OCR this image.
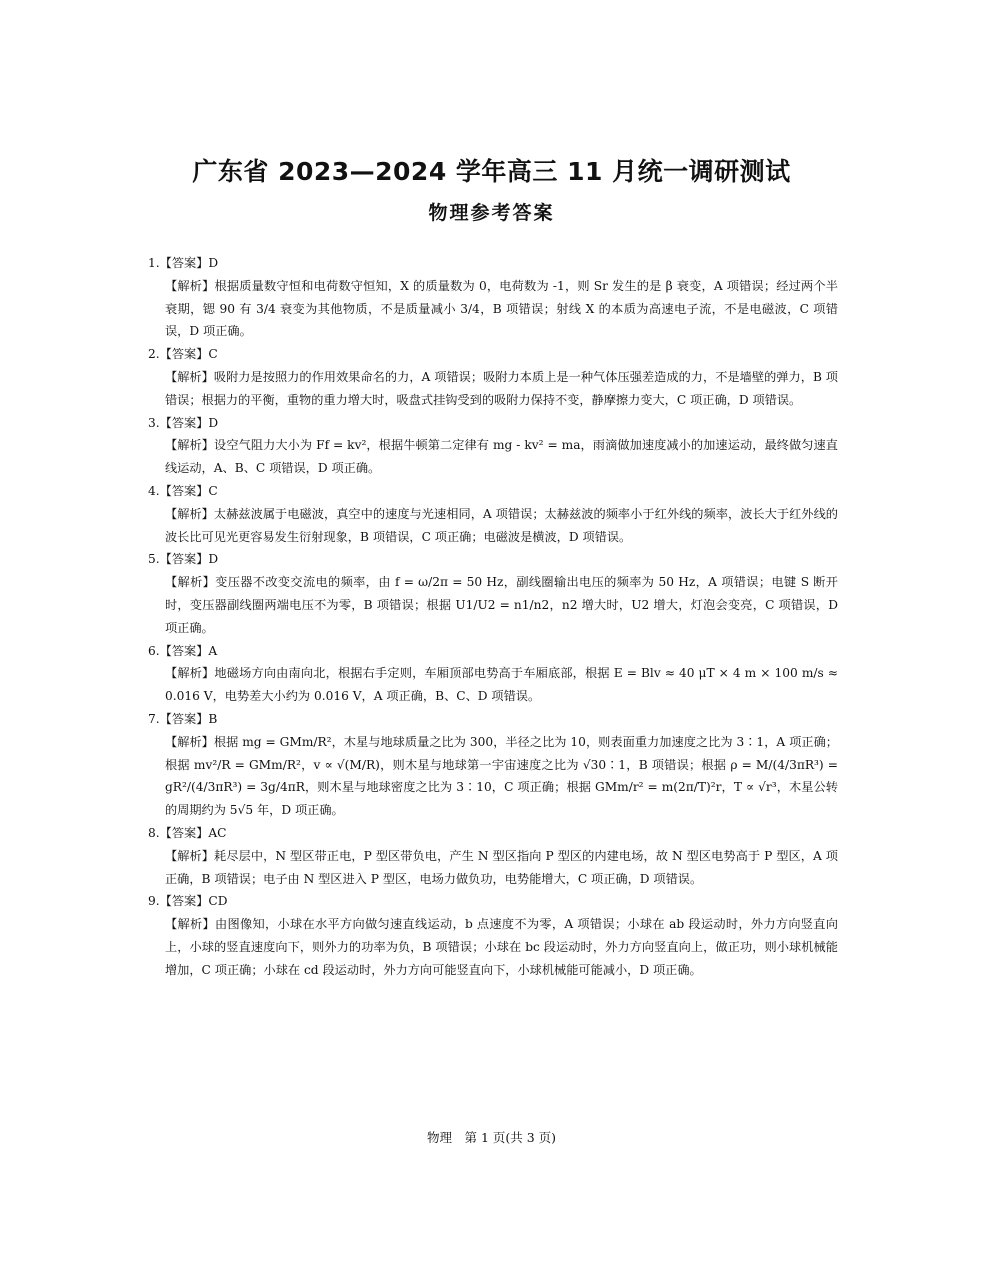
广东省 2023—2024 学年高三 11 月统一调研测试
物理参考答案

1.【答案】D

【解析】根据质量数守恒和电荷数守恒知，X 的质量数为 0，电荷数为 -1，则 Sr 发生的是 β 衰变，A 项错误；经过两个半衰期，锶 90 有 3/4 衰变为其他物质，不是质量减小 3/4，B 项错误；射线 X 的本质为高速电子流，不是电磁波，C 项错误，D 项正确。

2.【答案】C

【解析】吸附力是按照力的作用效果命名的力，A 项错误；吸附力本质上是一种气体压强差造成的力，不是墙壁的弹力，B 项错误；根据力的平衡，重物的重力增大时，吸盘式挂钩受到的吸附力保持不变，静摩擦力变大，C 项正确，D 项错误。

3.【答案】D

【解析】设空气阻力大小为 Ff = kv²，根据牛顿第二定律有 mg - kv² = ma，雨滴做加速度减小的加速运动，最终做匀速直线运动，A、B、C 项错误，D 项正确。

4.【答案】C

【解析】太赫兹波属于电磁波，真空中的速度与光速相同，A 项错误；太赫兹波的频率小于红外线的频率，波长大于红外线的波长比可见光更容易发生衍射现象，B 项错误，C 项正确；电磁波是横波，D 项错误。

5.【答案】D

【解析】变压器不改变交流电的频率，由 f = ω/2π = 50 Hz，副线圈输出电压的频率为 50 Hz，A 项错误；电键 S 断开时，变压器副线圈两端电压不为零，B 项错误；根据 U1/U2 = n1/n2，n2 增大时，U2 增大，灯泡会变亮，C 项错误，D 项正确。

6.【答案】A

【解析】地磁场方向由南向北，根据右手定则，车厢顶部电势高于车厢底部，根据 E = Blv ≈ 40 μT × 4 m × 100 m/s ≈ 0.016 V，电势差大小约为 0.016 V，A 项正确，B、C、D 项错误。

7.【答案】B

【解析】根据 mg = GMm/R²，木星与地球质量之比为 300，半径之比为 10，则表面重力加速度之比为 3∶1，A 项正确；根据 mv²/R = GMm/R²，v ∝ √(M/R)，则木星与地球第一宇宙速度之比为 √30∶1，B 项错误；根据 ρ = M/(4/3πR³) = gR²/(4/3πR³) = 3g/4πR，则木星与地球密度之比为 3∶10，C 项正确；根据 GMm/r² = m(2π/T)²r，T ∝ √r³，木星公转的周期约为 5√5 年，D 项正确。

8.【答案】AC

【解析】耗尽层中，N 型区带正电，P 型区带负电，产生 N 型区指向 P 型区的内建电场，故 N 型区电势高于 P 型区，A 项正确，B 项错误；电子由 N 型区进入 P 型区，电场力做负功，电势能增大，C 项正确，D 项错误。

9.【答案】CD

【解析】由图像知，小球在水平方向做匀速直线运动，b 点速度不为零，A 项错误；小球在 ab 段运动时，外力方向竖直向上，小球的竖直速度向下，则外力的功率为负，B 项错误；小球在 bc 段运动时，外力方向竖直向上，做正功，则小球机械能增加，C 项正确；小球在 cd 段运动时，外力方向可能竖直向下，小球机械能可能减小，D 项正确。

物理　第 1 页(共 3 页)
